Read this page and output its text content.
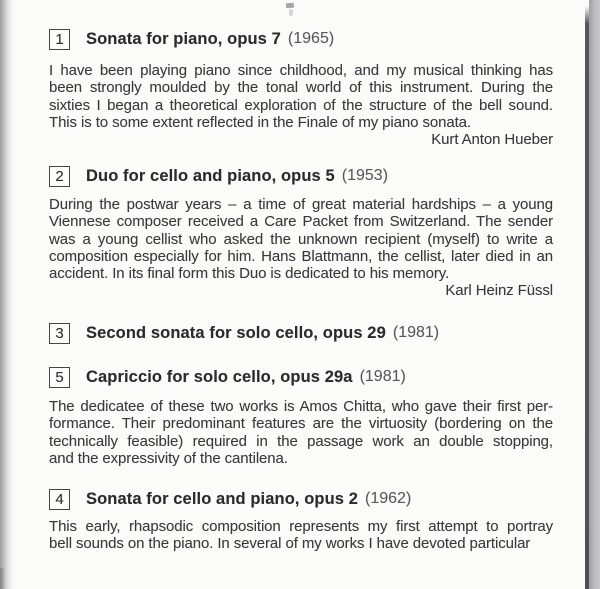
1	Sonata for piano, opus 7 (1965)
I have been playing piano since childhood, and my musical thinking has
been strongly moulded by the tonal world of this instrument. During the
sixties I began a theoretical exploration of the structure of the bell sound.
This is to some extent reflected in the Finale of my piano sonata.
Kurt Anton Hueber
2	Duo for cello and piano, opus 5 (1953)
During the postwar years – a time of great material hardships – a young
Viennese composer received a Care Packet from Switzerland. The sender
was a young cellist who asked the unknown recipient (myself) to write a
composition especially for him. Hans Blattmann, the cellist, later died in an
accident. In its final form this Duo is dedicated to his memory.
Karl Heinz Füssl
3	Second sonata for solo cello, opus 29 (1981)
5	Capriccio for solo cello, opus 29a (1981)
The dedicatee of these two works is Amos Chitta, who gave their first per-
formance. Their predominant features are the virtuosity (bordering on the
technically feasible) required in the passage work an double stopping,
and the expressivity of the cantilena.
4	Sonata for cello and piano, opus 2 (1962)
This early, rhapsodic composition represents my first attempt to portray
bell sounds on the piano. In several of my works I have devoted particular
